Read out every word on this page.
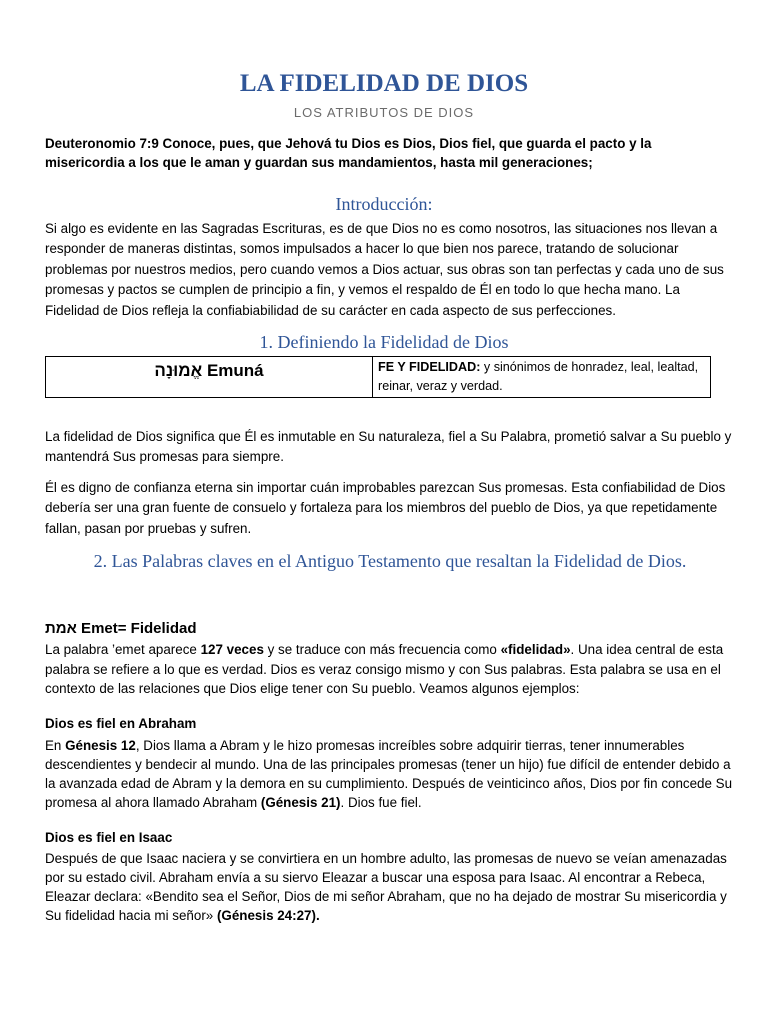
LA FIDELIDAD DE DIOS
LOS ATRIBUTOS DE DIOS
Deuteronomio 7:9 Conoce, pues, que Jehová tu Dios es Dios, Dios fiel, que guarda el pacto y la misericordia a los que le aman y guardan sus mandamientos, hasta mil generaciones;
Introducción:
Si algo es evidente en las Sagradas Escrituras, es de que Dios no es como nosotros, las situaciones nos llevan a responder de maneras distintas, somos impulsados a hacer lo que bien nos parece, tratando de solucionar problemas por nuestros medios, pero cuando vemos a Dios actuar, sus obras son tan perfectas y cada uno de sus promesas y pactos se cumplen de principio a fin, y vemos el respaldo de Él en todo lo que hecha mano. La Fidelidad de Dios refleja la confiabiabilidad de su carácter en cada aspecto de sus perfecciones.
1. Definiendo la Fidelidad de Dios
אֱמוּנָה Emuná	FE Y FIDELIDAD: y sinónimos de honradez, leal, lealtad, reinar, veraz y verdad.
La fidelidad de Dios significa que Él es inmutable en Su naturaleza, fiel a Su Palabra, prometió salvar a Su pueblo y mantendrá Sus promesas para siempre.
Él es digno de confianza eterna sin importar cuán improbables parezcan Sus promesas. Esta confiabilidad de Dios debería ser una gran fuente de consuelo y fortaleza para los miembros del pueblo de Dios, ya que repetidamente fallan, pasan por pruebas y sufren.
2. Las Palabras claves en el Antiguo Testamento que resaltan la Fidelidad de Dios.
אמת Emet= Fidelidad
La palabra ’emet aparece 127 veces y se traduce con más frecuencia como «fidelidad». Una idea central de esta palabra se refiere a lo que es verdad. Dios es veraz consigo mismo y con Sus palabras. Esta palabra se usa en el contexto de las relaciones que Dios elige tener con Su pueblo. Veamos algunos ejemplos:
Dios es fiel en Abraham
En Génesis 12, Dios llama a Abram y le hizo promesas increíbles sobre adquirir tierras, tener innumerables descendientes y bendecir al mundo. Una de las principales promesas (tener un hijo) fue difícil de entender debido a la avanzada edad de Abram y la demora en su cumplimiento. Después de veinticinco años, Dios por fin concede Su promesa al ahora llamado Abraham (Génesis 21). Dios fue fiel.
Dios es fiel en Isaac
Después de que Isaac naciera y se convirtiera en un hombre adulto, las promesas de nuevo se veían amenazadas por su estado civil. Abraham envía a su siervo Eleazar a buscar una esposa para Isaac. Al encontrar a Rebeca, Eleazar declara: «Bendito sea el Señor, Dios de mi señor Abraham, que no ha dejado de mostrar Su misericordia y Su fidelidad hacia mi señor» (Génesis 24:27).
